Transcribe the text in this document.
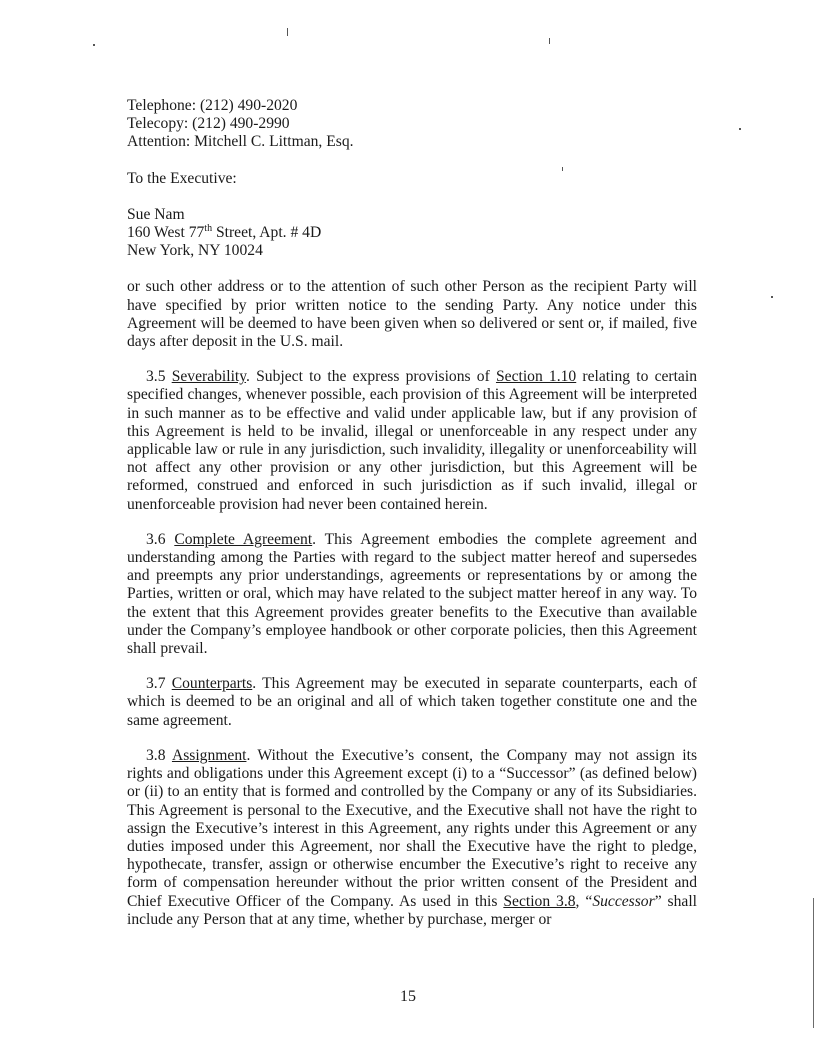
Telephone: (212) 490-2020
Telecopy: (212) 490-2990
Attention: Mitchell C. Littman, Esq.
To the Executive:
Sue Nam
160 West 77th Street, Apt. # 4D
New York, NY 10024

or such other address or to the attention of such other Person as the recipient Party will have specified by prior written notice to the sending Party. Any notice under this Agreement will be deemed to have been given when so delivered or sent or, if mailed, five days after deposit in the U.S. mail.

3.5 Severability. Subject to the express provisions of Section 1.10 relating to certain specified changes, whenever possible, each provision of this Agreement will be interpreted in such manner as to be effective and valid under applicable law, but if any provision of this Agreement is held to be invalid, illegal or unenforceable in any respect under any applicable law or rule in any jurisdiction, such invalidity, illegality or unenforceability will not affect any other provision or any other jurisdiction, but this Agreement will be reformed, construed and enforced in such jurisdiction as if such invalid, illegal or unenforceable provision had never been contained herein.

3.6 Complete Agreement. This Agreement embodies the complete agreement and understanding among the Parties with regard to the subject matter hereof and supersedes and preempts any prior understandings, agreements or representations by or among the Parties, written or oral, which may have related to the subject matter hereof in any way. To the extent that this Agreement provides greater benefits to the Executive than available under the Company’s employee handbook or other corporate policies, then this Agreement shall prevail.

3.7 Counterparts. This Agreement may be executed in separate counterparts, each of which is deemed to be an original and all of which taken together constitute one and the same agreement.

3.8 Assignment. Without the Executive’s consent, the Company may not assign its rights and obligations under this Agreement except (i) to a “Successor” (as defined below) or (ii) to an entity that is formed and controlled by the Company or any of its Subsidiaries. This Agreement is personal to the Executive, and the Executive shall not have the right to assign the Executive’s interest in this Agreement, any rights under this Agreement or any duties imposed under this Agreement, nor shall the Executive have the right to pledge, hypothecate, transfer, assign or otherwise encumber the Executive’s right to receive any form of compensation hereunder without the prior written consent of the President and Chief Executive Officer of the Company. As used in this Section 3.8, “Successor” shall include any Person that at any time, whether by purchase, merger or

15
